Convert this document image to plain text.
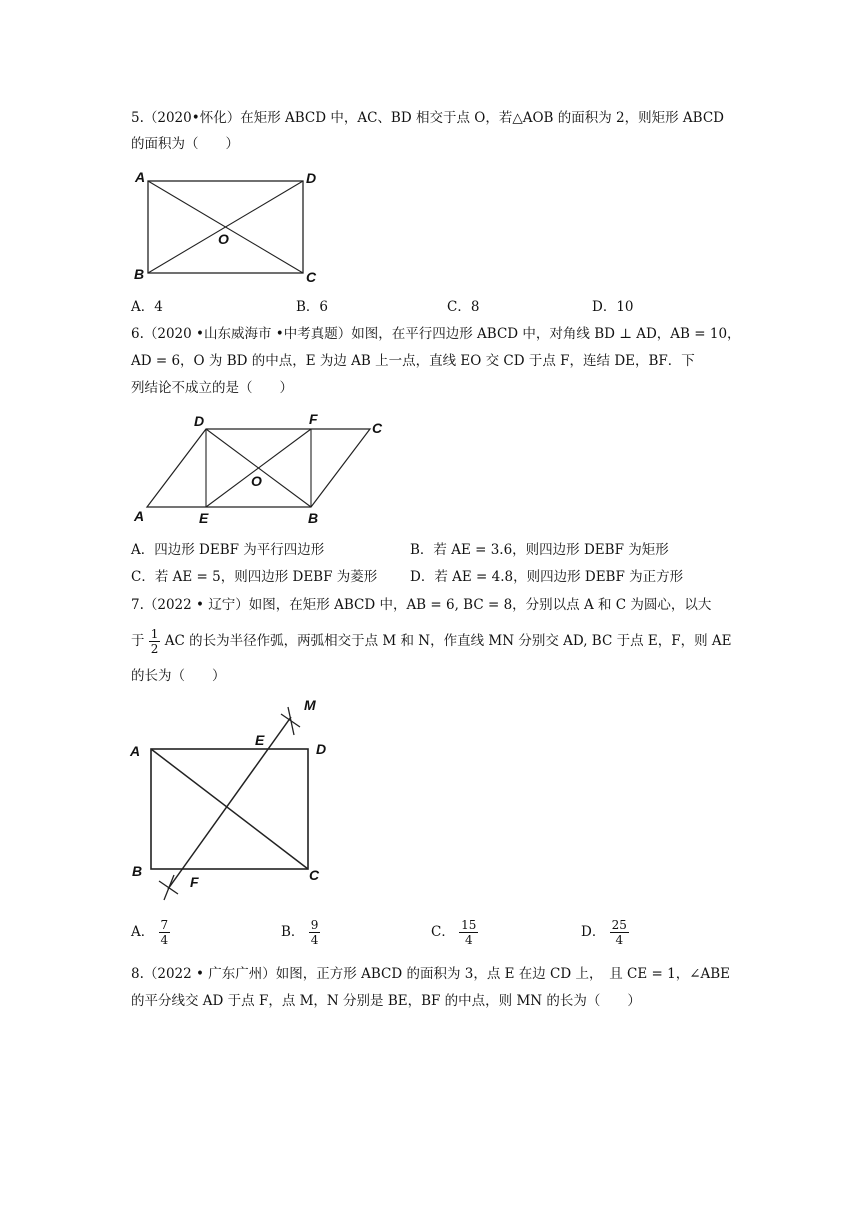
5.（2020•怀化）在矩形 ABCD 中，AC、BD 相交于点 O，若△AOB 的面积为 2，则矩形 ABCD
的面积为（　　）
A	D
O
B	C
A．4	B．6	C．8	D．10
6.（2020 •山东威海市 •中考真题）如图，在平行四边形 ABCD 中，对角线 BD ⊥ AD，AB = 10，
AD = 6，O 为 BD 的中点，E 为边 AB 上一点，直线 EO 交 CD 于点 F，连结 DE，BF．下
列结论不成立的是（　　）
D	F
C
O
A	E	B
A．四边形 DEBF 为平行四边形	B．若 AE = 3.6，则四边形 DEBF 为矩形
C．若 AE = 5，则四边形 DEBF 为菱形 D．若 AE = 4.8，则四边形 DEBF 为正方形
7.（2022 • 辽宁）如图，在矩形 ABCD 中，AB = 6, BC = 8，分别以点 A 和 C 为圆心，以大
于 $\frac{1}{2}$ AC 的长为半径作弧，两弧相交于点 M 和 N，作直线 MN 分别交 AD, BC 于点 E，F，则 AE
的长为（　　）
M
E
D
A
B
F	C
A． $\frac{7}{4}$	B． $\frac{9}{4}$	C． $\frac{15}{4}$	D． $\frac{25}{4}$
8.（2022 • 广东广州）如图，正方形 ABCD 的面积为 3，点 E 在边 CD 上，　且 CE = 1，∠ABE
的平分线交 AD 于点 F，点 M，N 分别是 BE，BF 的中点，则 MN 的长为（　　）
